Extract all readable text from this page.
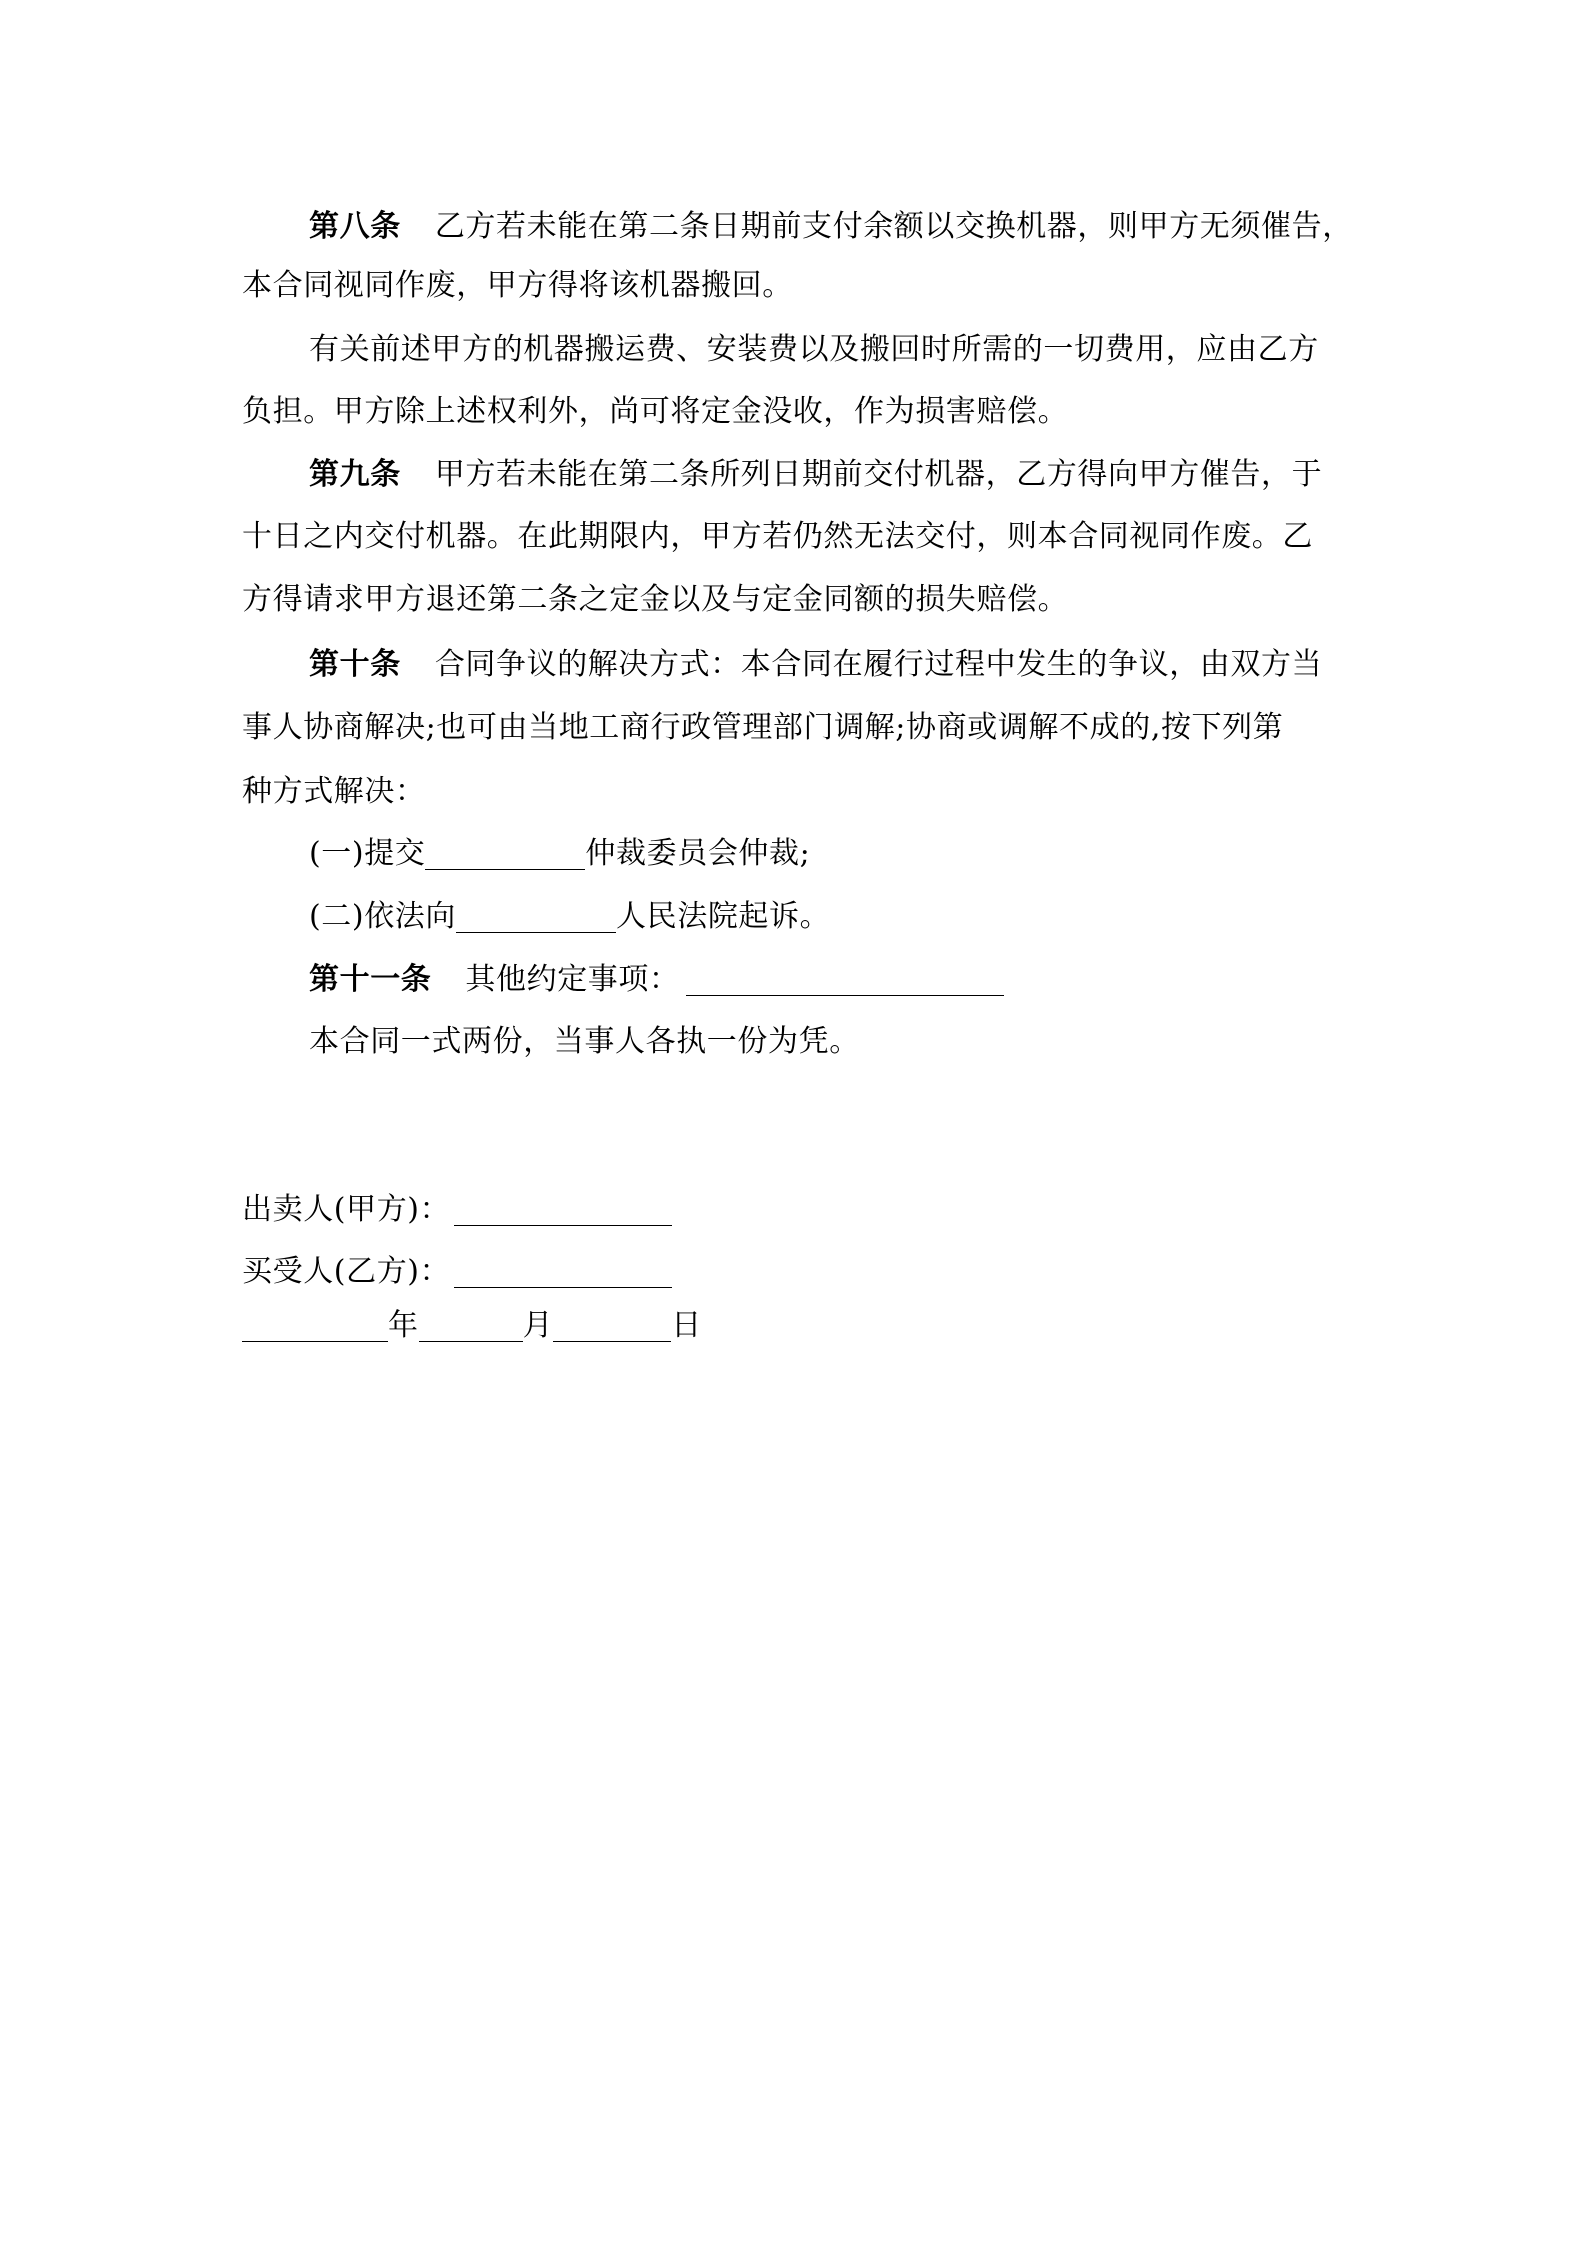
第八条 乙方若未能在第二条日期前支付余额以交换机器，则甲方无须催告，
本合同视同作废，甲方得将该机器搬回。
有关前述甲方的机器搬运费、安装费以及搬回时所需的一切费用，应由乙方
负担。甲方除上述权利外，尚可将定金没收，作为损害赔偿。
第九条 甲方若未能在第二条所列日期前交付机器，乙方得向甲方催告，于
十日之内交付机器。在此期限内，甲方若仍然无法交付，则本合同视同作废。乙
方得请求甲方退还第二条之定金以及与定金同额的损失赔偿。
第十条 合同争议的解决方式：本合同在履行过程中发生的争议，由双方当
事人协商解决;也可由当地工商行政管理部门调解;协商或调解不成的,按下列第
种方式解决：
(一)提交	仲裁委员会仲裁;
(二)依法向	人民法院起诉。
第十一条 其他约定事项：
本合同一式两份，当事人各执一份为凭。
出卖人(甲方)：
买受人(乙方)：
年	月	日
